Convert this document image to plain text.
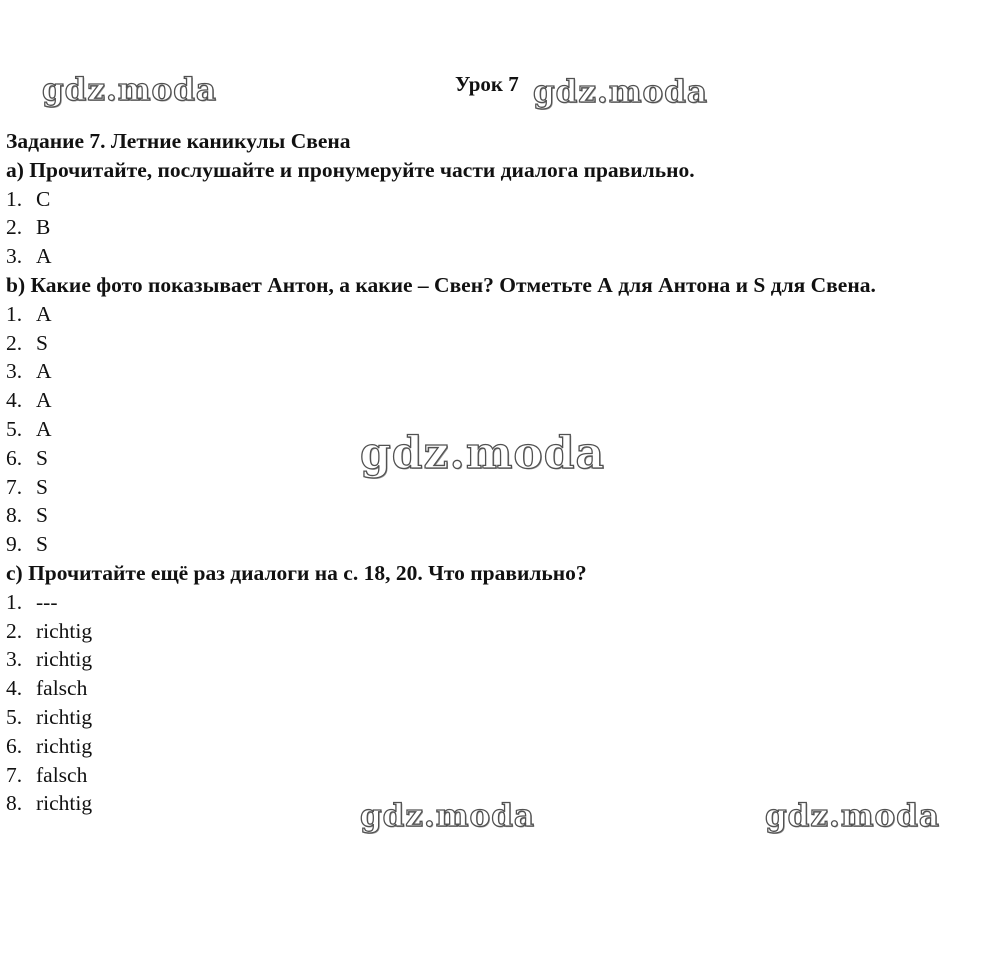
Урок 7
Задание 7. Летние каникулы Свена
a) Прочитайте, послушайте и пронумеруйте части диалога правильно.
1. C
2. B
3. A
b) Какие фото показывает Антон, а какие – Свен? Отметьте А для Антона и S для Свена.
1. A
2. S
3. A
4. A
5. A
6. S
7. S
8. S
9. S
c) Прочитайте ещё раз диалоги на с. 18, 20. Что правильно?
1. ---
2. richtig
3. richtig
4. falsch
5. richtig
6. richtig
7. falsch
8. richtig
gdz.moda	gdz.moda
gdz.moda
gdz.moda	gdz.moda
